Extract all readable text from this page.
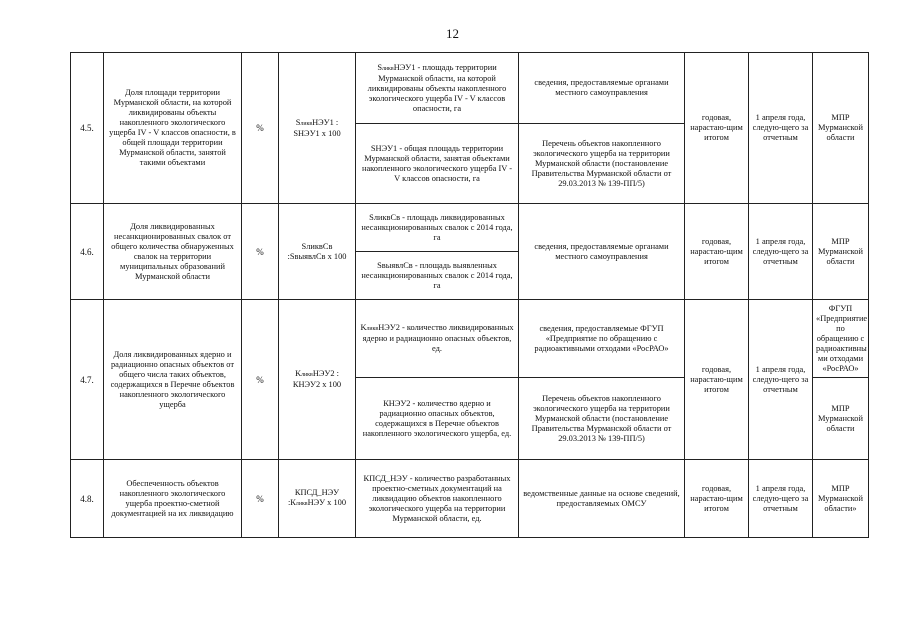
12
4.5.	Доля площади территории Мурманской области, на которой ликвидированы объекты накопленного экологического ущерба IV - V классов опасности, в общей площади территории Мурманской области, занятой такими объектами	%	SликвНЭУ1 : SНЭУ1 х 100	SликвНЭУ1 - площадь территории Мурманской области, на которой ликвидированы объекты накопленного экологического ущерба IV - V классов опасности, га	сведения, предоставляемые органами местного самоуправления	годовая, нарастаю-щим итогом	1 апреля года, следую-щего за отчетным	МПР Мурманской области
				SНЭУ1 - общая площадь территории Мурманской области, занятая объектами накопленного экологического ущерба IV - V классов опасности, га	Перечень объектов накопленного экологического ущерба на территории Мурманской области (постановление Правительства Мурманской области от 29.03.2013 № 139-ПП/5)			
4.6.	Доля ликвидированных несанкционированных свалок от общего количества обнаруженных свалок на территории муниципальных образований Мурманской области	%	SликвСв :SвыявлСв х 100	SликвСв - площадь ликвидированных несанкционированных свалок с 2014 года, га	сведения, предоставляемые органами местного самоуправления	годовая, нарастаю-щим итогом	1 апреля года, следую-щего за отчетным	МПР Мурманской области
				SвыявлСв - площадь выявленных несанкционированных свалок с 2014 года, га				
4.7.	Доля ликвидированных ядерно и радиационно опасных объектов от общего числа таких объектов, содержащихся в Перечне объектов накопленного экологического ущерба	%	KликвНЭУ2 : КНЭУ2 х 100	KликвНЭУ2 - количество ликвидированных ядерно и радиационно опасных объектов, ед.	сведения, предоставляемые ФГУП «Предприятие по обращению с радиоактивными отходами «РосРАО»	годовая, нарастаю-щим итогом	1 апреля года, следую-щего за отчетным	ФГУП «Предприятие по обращению с радиоактивны ми отходами «РосРАО»
				КНЭУ2 - количество ядерно и радиационно опасных объектов, содержащихся в Перечне объектов накопленного экологического ущерба, ед.	Перечень объектов накопленного экологического ущерба на территории Мурманской области (постановление Правительства Мурманской области от 29.03.2013 № 139-ПП/5)			МПР Мурманской области
4.8.	Обеспеченность объектов накопленного экологического ущерба проектно-сметной документацией на их ликвидацию	%	КПСД_НЭУ :КликвНЭУ х 100	КПСД_НЭУ - количество разработанных проектно-сметных документаций на ликвидацию объектов накопленного экологического ущерба на территории Мурманской области, ед.	ведомственные данные на основе сведений, предоставляемых ОМСУ	годовая, нарастаю-щим итогом	1 апреля года, следую-щего за отчетным	МПР Мурманской области»
